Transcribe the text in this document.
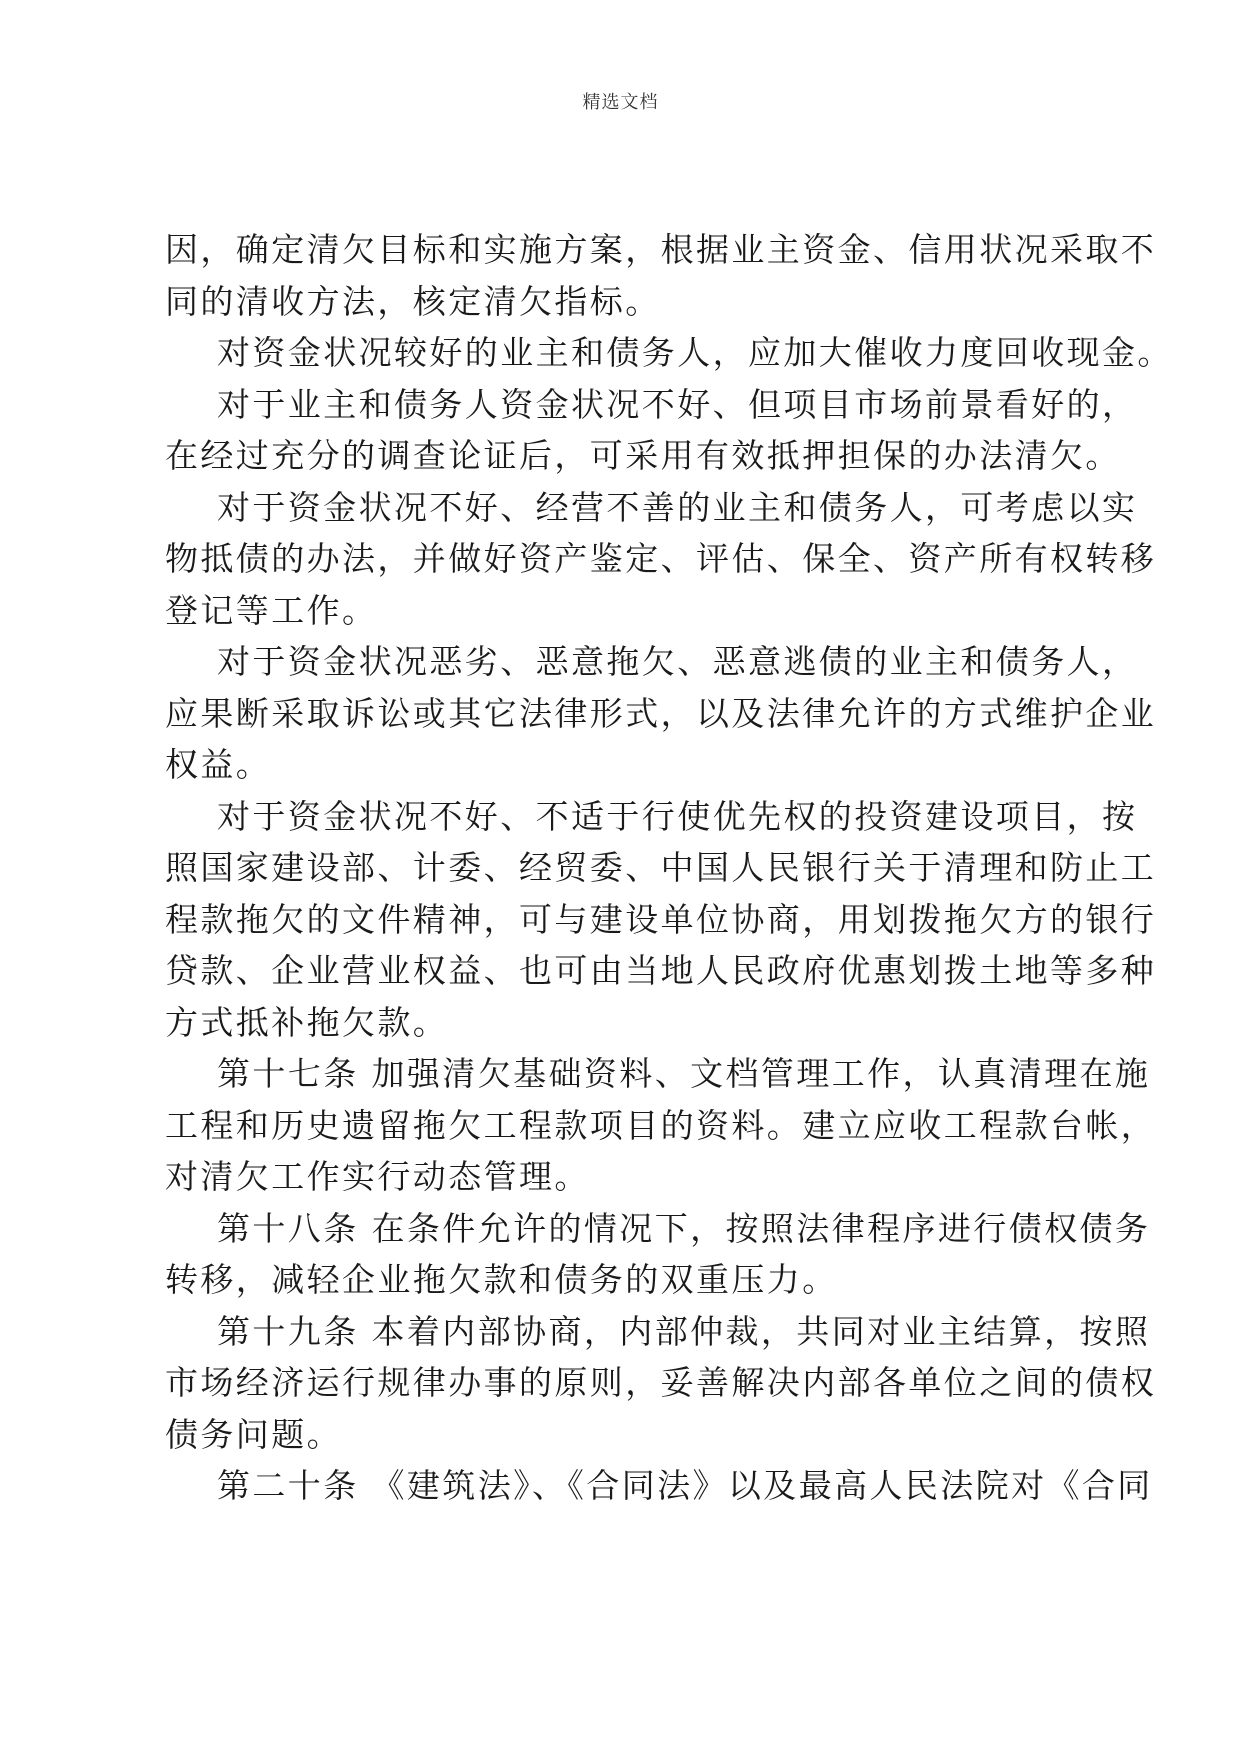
精选文档
因，确定清欠目标和实施方案，根据业主资金、信用状况采取不
同的清收方法，核定清欠指标。
对资金状况较好的业主和债务人，应加大催收力度回收现金。
对于业主和债务人资金状况不好、但项目市场前景看好的，
在经过充分的调查论证后，可采用有效抵押担保的办法清欠。
对于资金状况不好、经营不善的业主和债务人，可考虑以实
物抵债的办法，并做好资产鉴定、评估、保全、资产所有权转移
登记等工作。
对于资金状况恶劣、恶意拖欠、恶意逃债的业主和债务人，
应果断采取诉讼或其它法律形式，以及法律允许的方式维护企业
权益。
对于资金状况不好、不适于行使优先权的投资建设项目，按
照国家建设部、计委、经贸委、中国人民银行关于清理和防止工
程款拖欠的文件精神，可与建设单位协商，用划拨拖欠方的银行
贷款、企业营业权益、也可由当地人民政府优惠划拨土地等多种
方式抵补拖欠款。
第十七条 加强清欠基础资料、文档管理工作，认真清理在施
工程和历史遗留拖欠工程款项目的资料。建立应收工程款台帐，
对清欠工作实行动态管理。
第十八条 在条件允许的情况下，按照法律程序进行债权债务
转移，减轻企业拖欠款和债务的双重压力。
第十九条 本着内部协商，内部仲裁，共同对业主结算，按照
市场经济运行规律办事的原则，妥善解决内部各单位之间的债权
债务问题。
第二十条 《建筑法》、《合同法》以及最高人民法院对《合同
